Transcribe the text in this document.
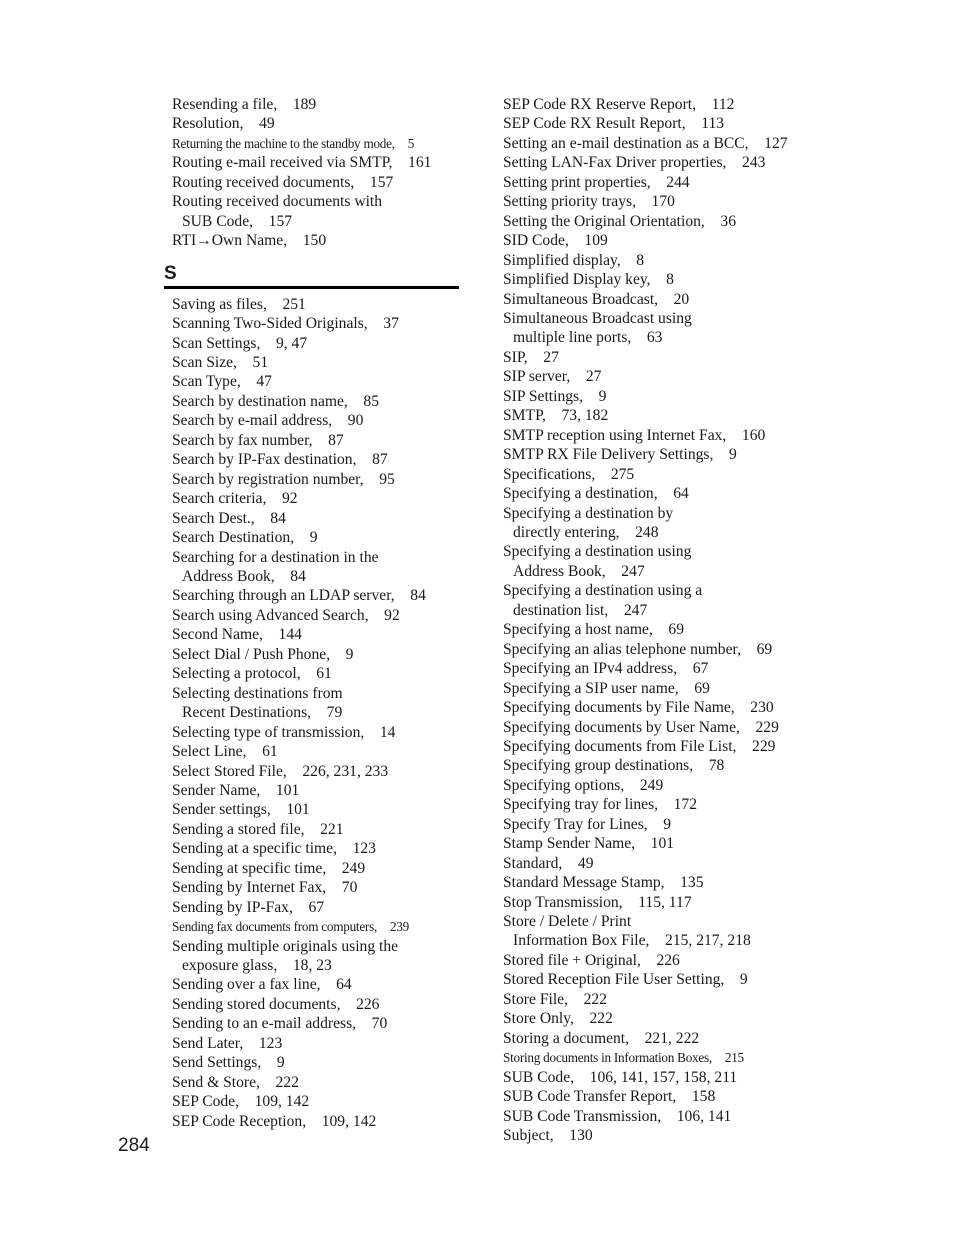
Resending a file, 189
Resolution, 49
Returning the machine to the standby mode, 5
Routing e-mail received via SMTP, 161
Routing received documents, 157
Routing received documents with
SUB Code, 157
RTI→Own Name, 150
S
Saving as files, 251
Scanning Two-Sided Originals, 37
Scan Settings, 9, 47
Scan Size, 51
Scan Type, 47
Search by destination name, 85
Search by e-mail address, 90
Search by fax number, 87
Search by IP-Fax destination, 87
Search by registration number, 95
Search criteria, 92
Search Dest., 84
Search Destination, 9
Searching for a destination in the
Address Book, 84
Searching through an LDAP server, 84
Search using Advanced Search, 92
Second Name, 144
Select Dial / Push Phone, 9
Selecting a protocol, 61
Selecting destinations from
Recent Destinations, 79
Selecting type of transmission, 14
Select Line, 61
Select Stored File, 226, 231, 233
Sender Name, 101
Sender settings, 101
Sending a stored file, 221
Sending at a specific time, 123
Sending at specific time, 249
Sending by Internet Fax, 70
Sending by IP-Fax, 67
Sending fax documents from computers, 239
Sending multiple originals using the
exposure glass, 18, 23
Sending over a fax line, 64
Sending stored documents, 226
Sending to an e-mail address, 70
Send Later, 123
Send Settings, 9
Send & Store, 222
SEP Code, 109, 142
SEP Code Reception, 109, 142
SEP Code RX Reserve Report, 112
SEP Code RX Result Report, 113
Setting an e-mail destination as a BCC, 127
Setting LAN-Fax Driver properties, 243
Setting print properties, 244
Setting priority trays, 170
Setting the Original Orientation, 36
SID Code, 109
Simplified display, 8
Simplified Display key, 8
Simultaneous Broadcast, 20
Simultaneous Broadcast using
multiple line ports, 63
SIP, 27
SIP server, 27
SIP Settings, 9
SMTP, 73, 182
SMTP reception using Internet Fax, 160
SMTP RX File Delivery Settings, 9
Specifications, 275
Specifying a destination, 64
Specifying a destination by
directly entering, 248
Specifying a destination using
Address Book, 247
Specifying a destination using a
destination list, 247
Specifying a host name, 69
Specifying an alias telephone number, 69
Specifying an IPv4 address, 67
Specifying a SIP user name, 69
Specifying documents by File Name, 230
Specifying documents by User Name, 229
Specifying documents from File List, 229
Specifying group destinations, 78
Specifying options, 249
Specifying tray for lines, 172
Specify Tray for Lines, 9
Stamp Sender Name, 101
Standard, 49
Standard Message Stamp, 135
Stop Transmission, 115, 117
Store / Delete / Print
Information Box File, 215, 217, 218
Stored file + Original, 226
Stored Reception File User Setting, 9
Store File, 222
Store Only, 222
Storing a document, 221, 222
Storing documents in Information Boxes, 215
SUB Code, 106, 141, 157, 158, 211
SUB Code Transfer Report, 158
SUB Code Transmission, 106, 141
Subject, 130
284
